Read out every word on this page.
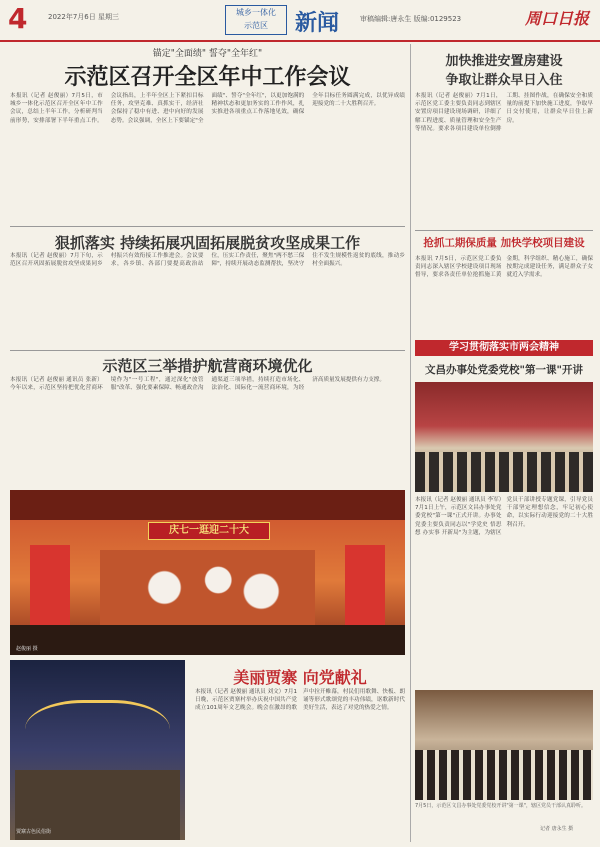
4	2022年7月6日 星期三	城乡一体化
示范区	新闻	审稿编辑:唐永生 版编:0129523	周口日报
锚定"全面绩" 誓夺"全年红"
示范区召开全区年中工作会议
本报讯（记者 赵俊丽）7月5日，市城乡一体化示范区召开全区年中工作会议，总结上半年工作，分析研判当前形势，安排部署下半年重点工作。会议指出，上半年全区上下紧扣目标任务，攻坚克难、真抓实干，经济社会保持了稳中有进、进中向好的发展态势。会议强调，全区上下要锚定"全面绩"、誓夺"全年红"，以更加饱满的精神状态和更加务实的工作作风，扎实推进各项重点工作落地见效，确保全年目标任务圆满完成，以优异成绩迎接党的二十大胜利召开。
狠抓落实 持续拓展巩固拓展脱贫攻坚成果工作
本报讯（记者 赵俊丽）7月下旬，示范区召开巩固拓展脱贫攻坚成果同乡村振兴有效衔接工作推进会。会议要求，各乡镇、各部门要提高政治站位，压实工作责任，聚焦"两不愁三保障"，持续开展动态监测帮扶，坚决守住不发生规模性返贫的底线，推动乡村全面振兴。
示范区三举措护航营商环境优化
本报讯（记者 赵俊丽 通讯员 张新）今年以来，示范区坚持把优化营商环境作为"一号工程"，通过深化"放管服"改革、强化要素保障、畅通政企沟通渠道三项举措，持续打造市场化、法治化、国际化一流营商环境，为经济高质量发展提供有力支撑。
庆七一逛迎二十大
赵俊丽 摄
贾寨古色民俗街
美丽贾寨 向党献礼
本报讯（记者 赵俊丽 通讯员 刘文）7月1日晚，示范区贾寨村举办庆祝中国共产党成立101周年文艺晚会。晚会在激昂的歌声中拉开帷幕，村民们用歌舞、快板、朗诵等形式歌颂党的丰功伟绩，讴歌新时代美好生活，表达了对党的热爱之情。
加快推进安置房建设
争取让群众早日入住
本报讯（记者 赵俊丽）7月1日，示范区党工委主要负责同志到辖区安置房项目建设现场调研，详细了解工程进度、质量管理和安全生产等情况。要求各项目建设单位倒排工期、挂图作战，在确保安全和质量的前提下加快施工进度，争取早日交付使用，让群众早日住上新房。
抢抓工期保质量 加快学校项目建设
本报讯 7月5日，示范区党工委负责同志深入辖区学校建设项目现场督导，要求各责任单位抢抓施工黄金期，科学组织、精心施工，确保按期完成建设任务，满足群众子女就近入学需求。
学习贯彻落实市两会精神
文昌办事处党委党校"第一课"开讲
本报讯（记者 赵俊丽 通讯员 李军）7月1日上午，示范区文昌办事处党委党校"第一课"正式开讲。办事处党委主要负责同志以"学党史 悟思想 办实事 开新局"为主题，为辖区党员干部讲授专题党课，引导党员干部坚定理想信念，牢记初心使命，以实际行动迎接党的二十大胜利召开。
7月5日，示范区文昌办事处党委党校开讲"第一课"，辖区党员干部认真聆听。
记者 唐永生 摄
